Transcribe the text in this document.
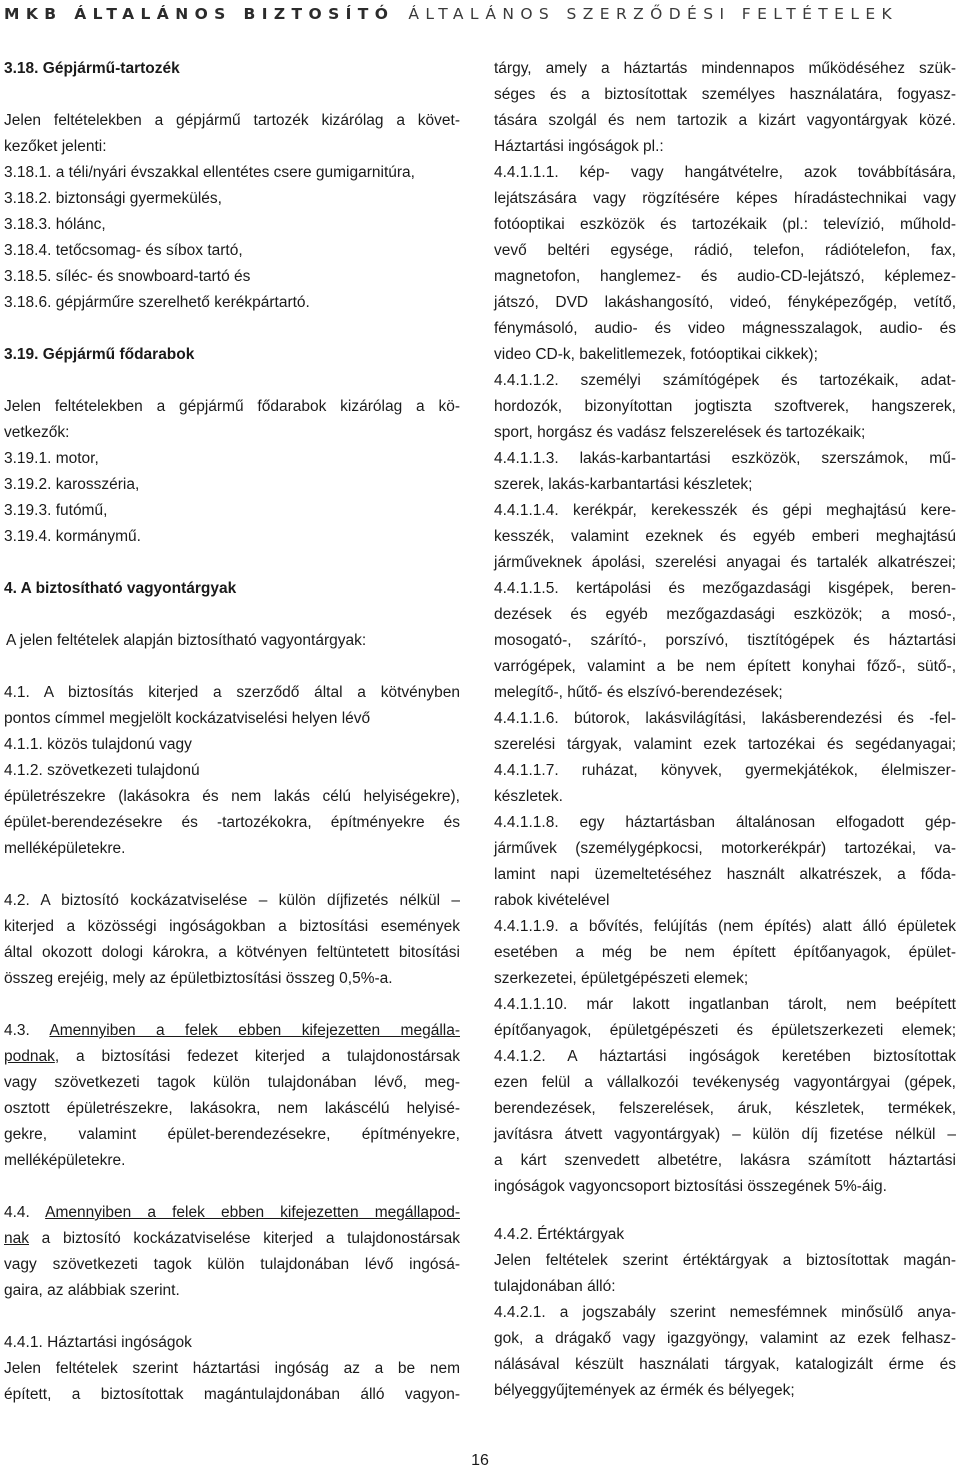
MKB ÁLTALÁNOS BIZTOSÍTÓ ÁLTALÁNOS SZERZŐDÉSI FELTÉTELEK

3.18. Gépjármű-tartozék

Jelen feltételekben a gépjármű tartozék kizárólag a követ-

kezőket jelenti:

3.18.1. a téli/nyári évszakkal ellentétes csere gumigarnitúra,

3.18.2. biztonsági gyermekülés,

3.18.3. hólánc,

3.18.4. tetőcsomag- és síbox tartó,

3.18.5. síléc- és snowboard-tartó és

3.18.6. gépjárműre szerelhető kerékpártartó.

3.19. Gépjármű fődarabok

Jelen feltételekben a gépjármű fődarabok kizárólag a kö-

vetkezők:

3.19.1. motor,

3.19.2. karosszéria,

3.19.3. futómű,

3.19.4. kormánymű.

4. A biztosítható vagyontárgyak

A jelen feltételek alapján biztosítható vagyontárgyak:

4.1. A biztosítás kiterjed a szerződő által a kötvényben

pontos címmel megjelölt kockázatviselési helyen lévő

4.1.1. közös tulajdonú vagy

4.1.2. szövetkezeti tulajdonú

épületrészekre (lakásokra és nem lakás célú helyiségekre),

épület-berendezésekre és -tartozékokra, építményekre és

melléképületekre.

4.2. A biztosító kockázatviselése – külön díjfizetés nélkül –

kiterjed a közösségi ingóságokban a biztosítási események

által okozott dologi károkra, a kötvényen feltüntetett bitosítási

összeg erejéig, mely az épületbiztosítási összeg 0,5%-a.

4.3. Amennyiben a felek ebben kifejezetten megálla-

podnak, a biztosítási fedezet kiterjed a tulajdonostársak

vagy szövetkezeti tagok külön tulajdonában lévő, meg-

osztott épületrészekre, lakásokra, nem lakáscélú helyisé-

gekre, valamint épület-berendezésekre, építményekre,

melléképületekre.

4.4. Amennyiben a felek ebben kifejezetten megállapod-

nak a biztosító kockázatviselése kiterjed a tulajdonostársak

vagy szövetkezeti tagok külön tulajdonában lévő ingósá-

gaira, az alábbiak szerint.

4.4.1. Háztartási ingóságok

Jelen feltételek szerint háztartási ingóság az a be nem

épített, a biztosítottak magántulajdonában álló vagyon-

tárgy, amely a háztartás mindennapos működéséhez szük-

séges és a biztosítottak személyes használatára, fogyasz-

tására szolgál és nem tartozik a kizárt vagyontárgyak közé.

Háztartási ingóságok pl.:

4.4.1.1.1. kép- vagy hangátvételre, azok továbbítására,

lejátszására vagy rögzítésére képes híradástechnikai vagy

fotóoptikai eszközök és tartozékaik (pl.: televízió, műhold-

vevő beltéri egysége, rádió, telefon, rádiótelefon, fax,

magnetofon, hanglemez- és audio-CD-lejátszó, képlemez-

játszó, DVD lakáshangosító, videó, fényképezőgép, vetítő,

fénymásoló, audio- és video mágnesszalagok, audio- és

video CD-k, bakelitlemezek, fotóoptikai cikkek);

4.4.1.1.2. személyi számítógépek és tartozékaik, adat-

hordozók, bizonyítottan jogtiszta szoftverek, hangszerek,

sport, horgász és vadász felszerelések és tartozékaik;

4.4.1.1.3. lakás-karbantartási eszközök, szerszámok, mű-

szerek, lakás-karbantartási készletek;

4.4.1.1.4. kerékpár, kerekesszék és gépi meghajtású kere-

kesszék, valamint ezeknek és egyéb emberi meghajtású

járműveknek ápolási, szerelési anyagai és tartalék alkatrészei;

4.4.1.1.5. kertápolási és mezőgazdasági kisgépek, beren-

dezések és egyéb mezőgazdasági eszközök; a mosó-,

mosogató-, szárító-, porszívó, tisztítógépek és háztartási

varrógépek, valamint a be nem épített konyhai főző-, sütő-,

melegítő-, hűtő- és elszívó-berendezések;

4.4.1.1.6. bútorok, lakásvilágítási, lakásberendezési és -fel-

szerelési tárgyak, valamint ezek tartozékai és segédanyagai;

4.4.1.1.7. ruházat, könyvek, gyermekjátékok, élelmiszer-

készletek.

4.4.1.1.8. egy háztartásban általánosan elfogadott gép-

járművek (személygépkocsi, motorkerékpár) tartozékai, va-

lamint napi üzemeltetéséhez használt alkatrészek, a főda-

rabok kivételével

4.4.1.1.9. a bővítés, felújítás (nem építés) alatt álló épületek

esetében a még be nem épített építőanyagok, épület-

szerkezetei, épületgépészeti elemek;

4.4.1.1.10. már lakott ingatlanban tárolt, nem beépített

építőanyagok, épületgépészeti és épületszerkezeti elemek;

4.4.1.2. A háztartási ingóságok keretében biztosítottak

ezen felül a vállalkozói tevékenység vagyontárgyai (gépek,

berendezések, felszerelések, áruk, készletek, termékek,

javításra átvett vagyontárgyak) – külön díj fizetése nélkül –

a kárt szenvedett albetétre, lakásra számított háztartási

ingóságok vagyoncsoport biztosítási összegének 5%-áig.

4.4.2. Értéktárgyak

Jelen feltételek szerint értéktárgyak a biztosítottak magán-

tulajdonában álló:

4.4.2.1. a jogszabály szerint nemesfémnek minősülő anya-

gok, a drágakő vagy igazgyöngy, valamint az ezek felhasz-

nálásával készült használati tárgyak, katalogizált érme és

bélyeggyűjtemények az érmék és bélyegek;

16
